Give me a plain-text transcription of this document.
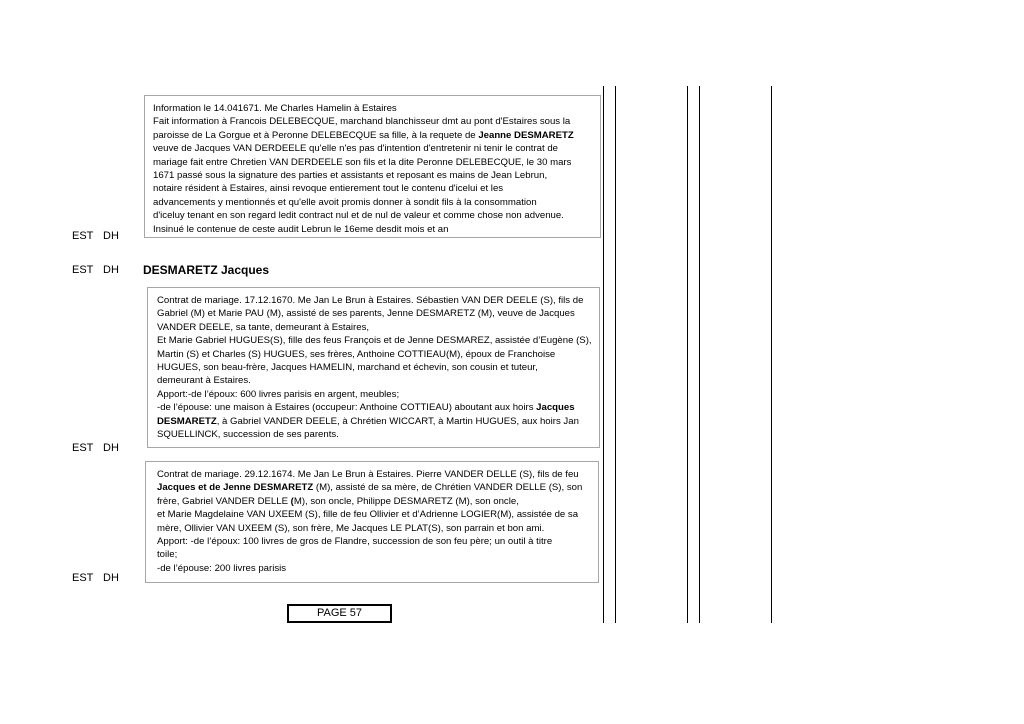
Information le 14.041671. Me Charles Hamelin à Estaires
Fait information à Francois DELEBECQUE, marchand blanchisseur dmt au pont d'Estaires sous la
paroisse de La Gorgue et à Peronne DELEBECQUE sa fille, à la requete de Jeanne DESMARETZ
veuve de Jacques VAN DERDEELE qu'elle n'es pas d'intention d'entretenir ni tenir le contrat de
mariage fait entre Chretien VAN DERDEELE son fils et la dite Peronne DELEBECQUE, le 30 mars
1671 passé sous la signature des parties et assistants et reposant es mains de Jean Lebrun,
notaire résident à Estaires, ainsi revoque entierement tout le contenu d'icelui et les
advancements y mentionnés et qu'elle avoit promis donner à sondit fils à la consommation
d'iceluy tenant en son regard ledit contract nul et de nul de valeur et comme chose non advenue.
Insinué le contenue de ceste audit Lebrun le 16eme desdit mois et an
EST DH
EST DH DESMARETZ Jacques
Contrat de mariage. 17.12.1670. Me Jan Le Brun à Estaires. Sébastien VAN DER DEELE (S), fils de
Gabriel (M) et Marie PAU (M), assisté de ses parents, Jenne DESMARETZ (M), veuve de Jacques
VANDER DEELE, sa tante, demeurant à Estaires,
Et Marie Gabriel HUGUES(S), fille des feus François et de Jenne DESMAREZ, assistée d’Eugène (S),
Martin (S) et Charles (S) HUGUES, ses frères, Anthoine COTTIEAU(M), époux de Franchoise
HUGUES, son beau-frère, Jacques HAMELIN, marchand et échevin, son cousin et tuteur,
demeurant à Estaires.
Apport:-de l’époux: 600 livres parisis en argent, meubles;
-de l’épouse: une maison à Estaires (occupeur: Anthoine COTTIEAU) aboutant aux hoirs Jacques
DESMARETZ, à Gabriel VANDER DEELE, à Chrétien WICCART, à Martin HUGUES, aux hoirs Jan
SQUELLINCK, succession de ses parents.
EST DH
Contrat de mariage. 29.12.1674. Me Jan Le Brun à Estaires. Pierre VANDER DELLE (S), fils de feu
Jacques et de Jenne DESMARETZ (M), assisté de sa mère, de Chrétien VANDER DELLE (S), son
frère, Gabriel VANDER DELLE (M), son oncle, Philippe DESMARETZ (M), son oncle,
et Marie Magdelaine VAN UXEEM (S), fille de feu Ollivier et d’Adrienne LOGIER(M), assistée de sa
mère, Ollivier VAN UXEEM (S), son frère, Me Jacques LE PLAT(S), son parrain et bon ami.
Apport: -de l’époux: 100 livres de gros de Flandre, succession de son feu père; un outil à titre
toile;
-de l’épouse: 200 livres parisis
EST DH
PAGE 57
